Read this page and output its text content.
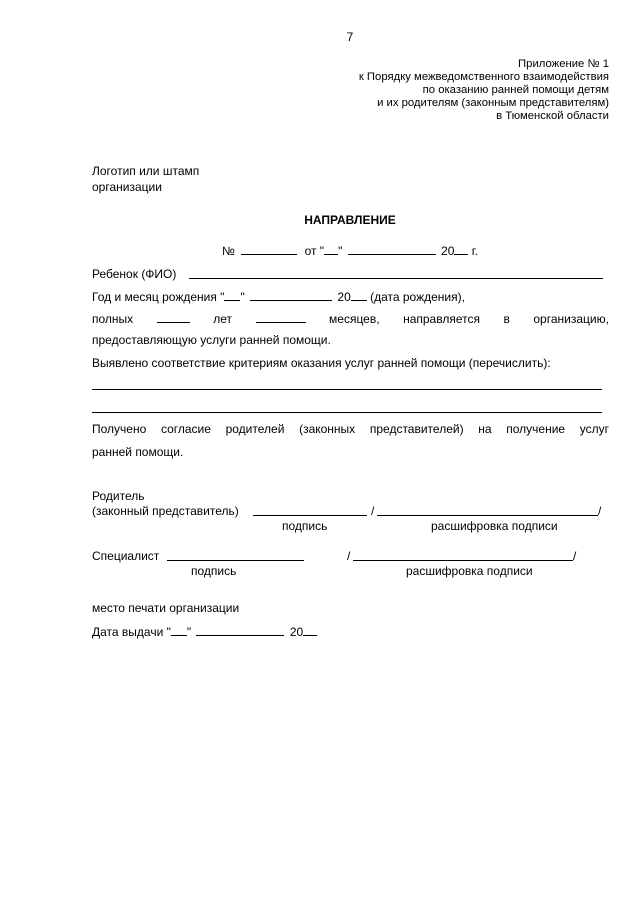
7
Приложение № 1
к Порядку межведомственного взаимодействия
по оказанию ранней помощи детям
и их родителям (законным представителям)
в Тюменской области
Логотип или штамп
организации
НАПРАВЛЕНИЕ
№	от " "	20 г.
Ребенок (ФИО)
Год и месяц рождения " "	20 (дата рождения),
полных	лет	месяцев, направляется в организацию,
предоставляющую услуги ранней помощи.
Выявлено соответствие критериям оказания услуг ранней помощи (перечислить):
Получено согласие родителей (законных представителей) на получение услуг
ранней помощи.
Родитель
(законный представитель)	/	/
подпись	расшифровка подписи
Специалист	/	/
подпись	расшифровка подписи
место печати организации
Дата выдачи " "	20
